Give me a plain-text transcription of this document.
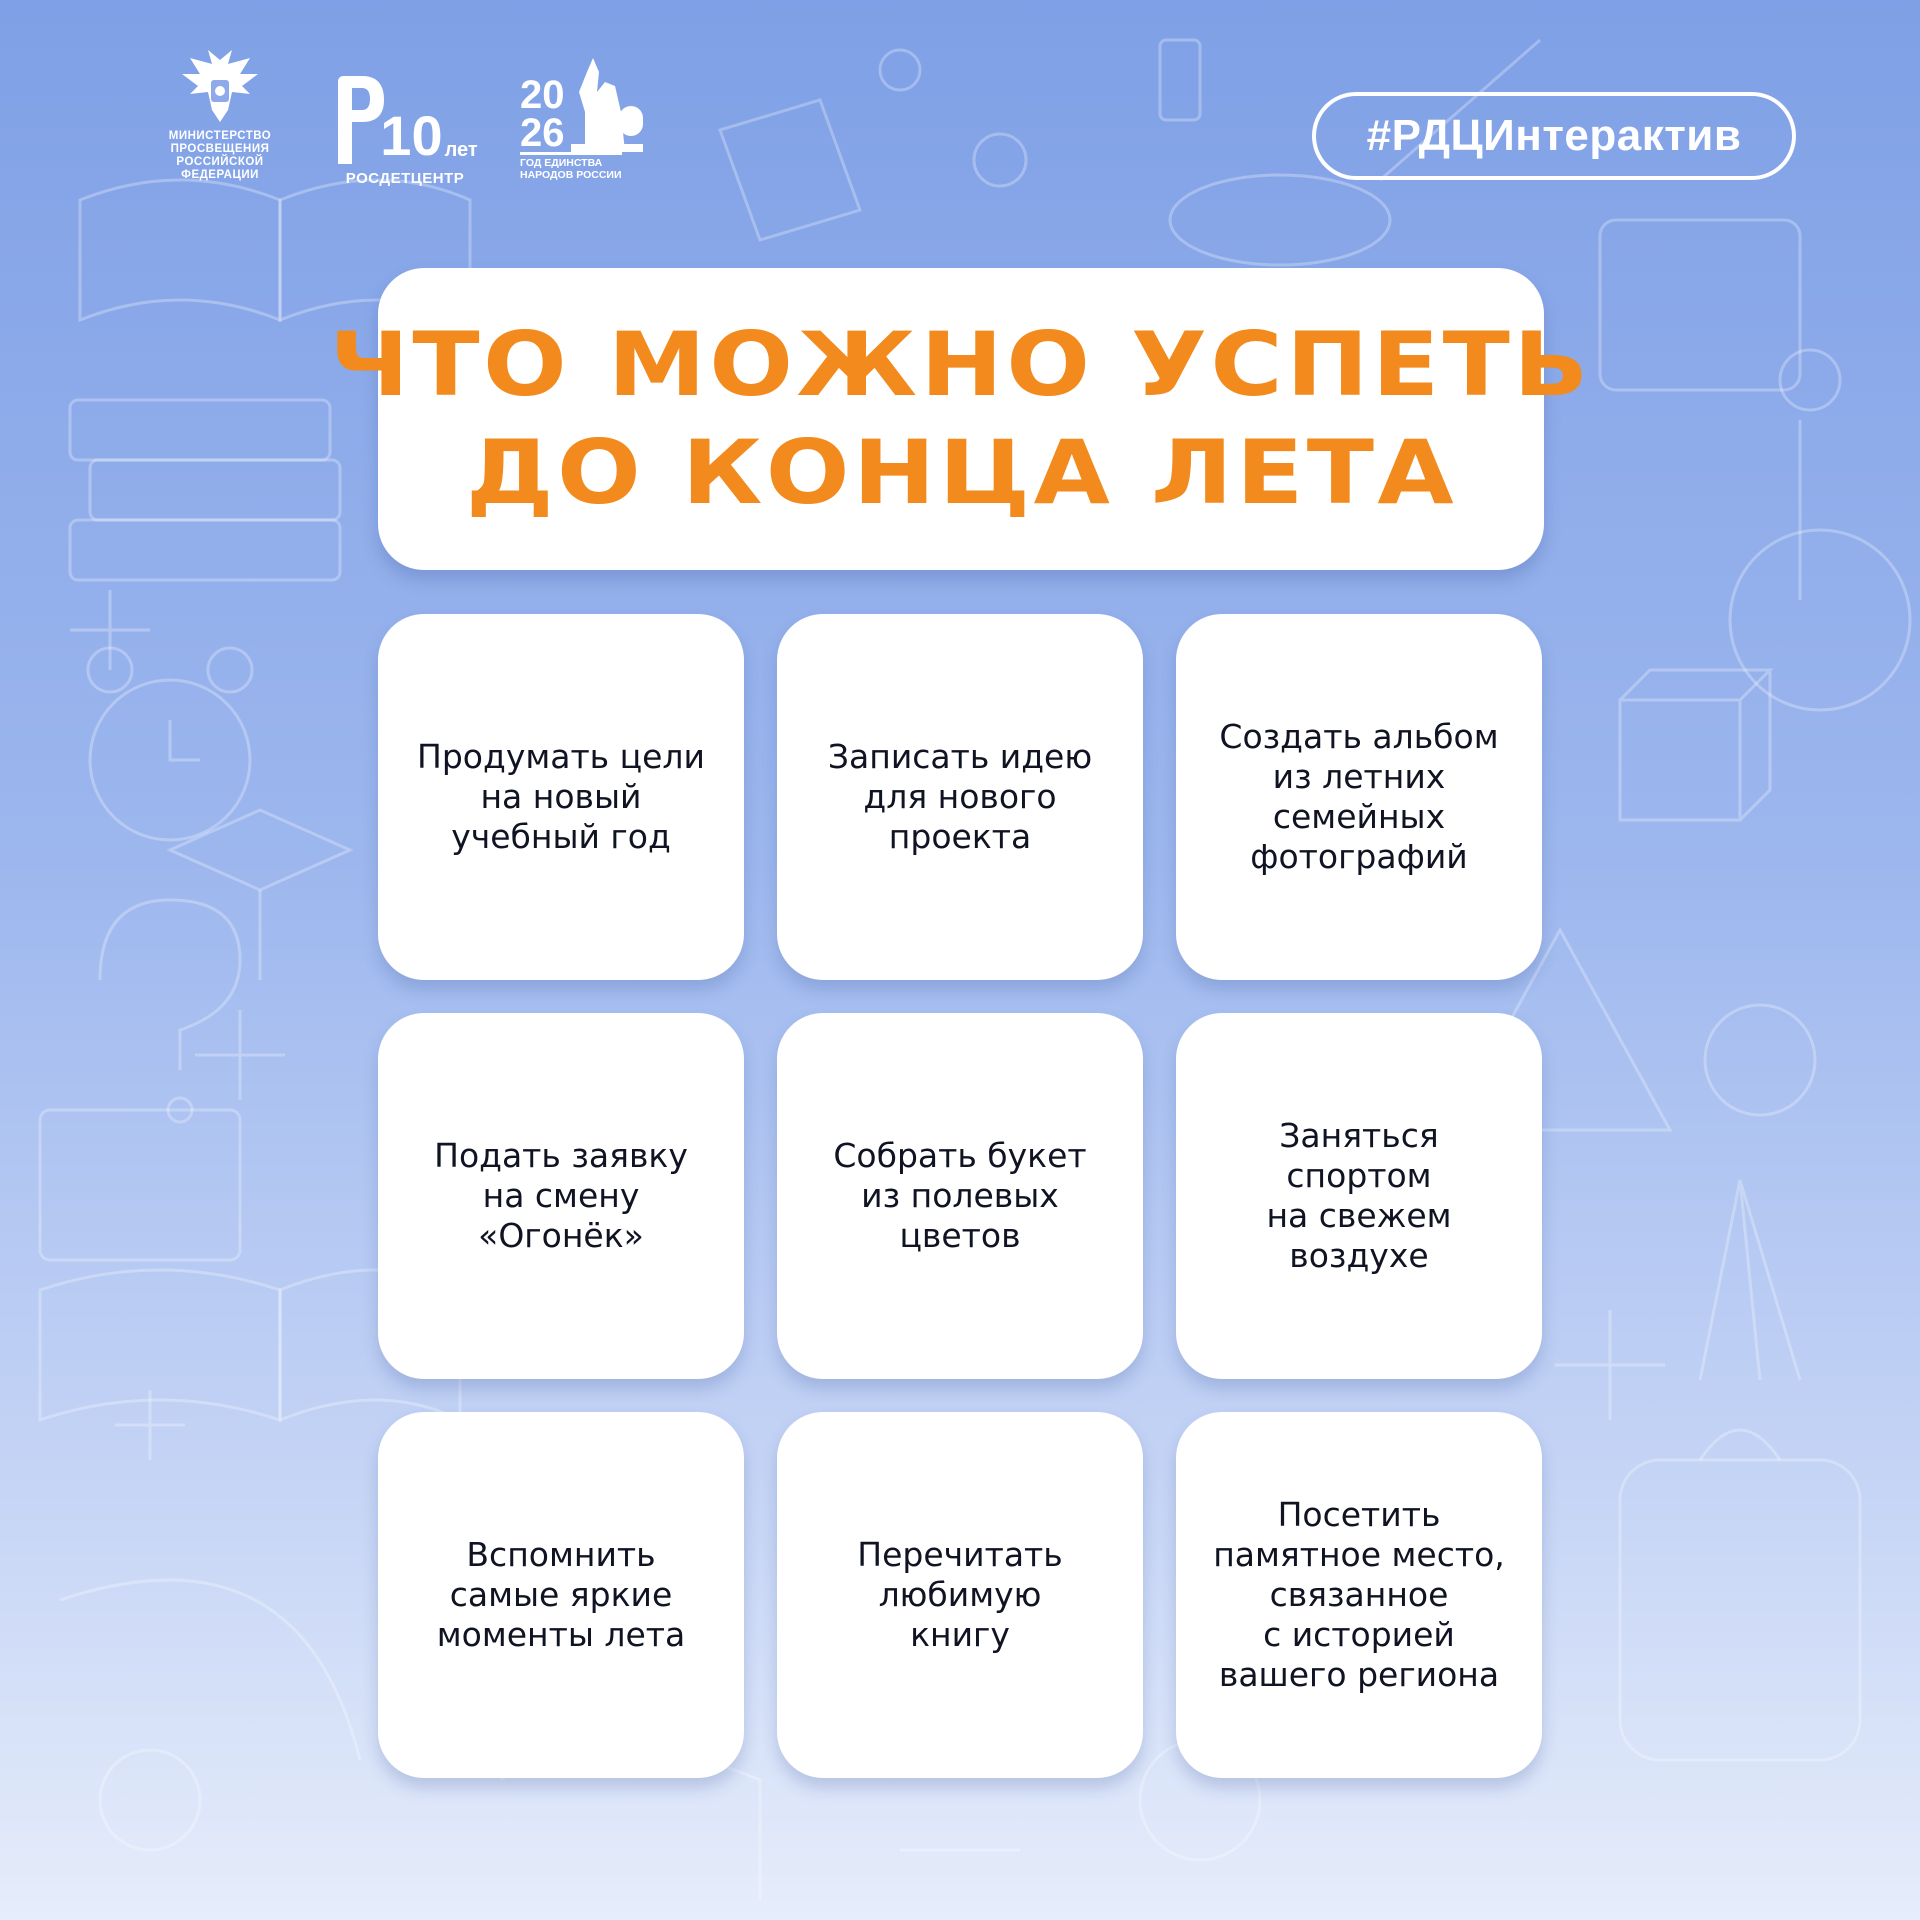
МИНИСТЕРСТВО
ПРОСВЕЩЕНИЯ
РОССИЙСКОЙ
ФЕДЕРАЦИИ
10 лет
РОСДЕТЦЕНТР
20
26
ГОД ЕДИНСТВА
НАРОДОВ РОССИИ
#РДЦИнтерактив
ЧТО МОЖНО УСПЕТЬ
ДО КОНЦА ЛЕТА
Продумать цели
на новый
учебный год
Записать идею
для нового
проекта
Создать альбом
из летних
семейных
фотографий
Подать заявку
на смену
«Огонёк»
Собрать букет
из полевых
цветов
Заняться
спортом
на свежем
воздухе
Вспомнить
самые яркие
моменты лета
Перечитать
любимую
книгу
Посетить
памятное место,
связанное
с историей
вашего региона
